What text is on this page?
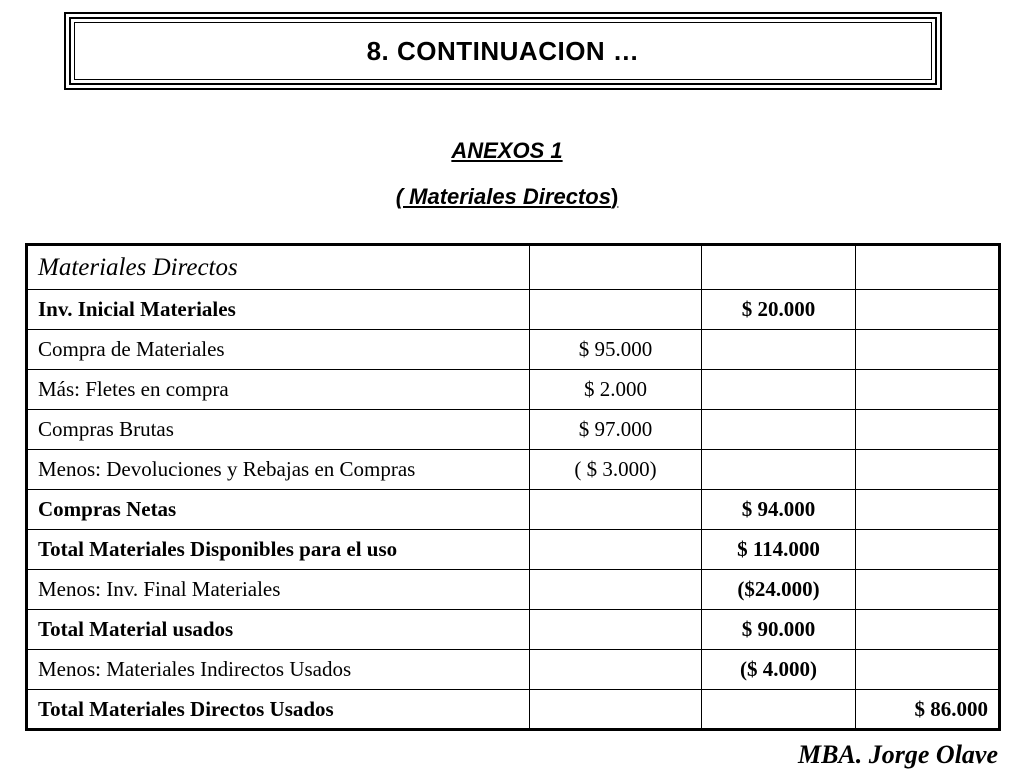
8. CONTINUACION …
ANEXOS 1
( Materiales Directos)
Materiales Directos			
Inv. Inicial Materiales		$ 20.000	
Compra de Materiales	$ 95.000		
Más: Fletes en compra	$ 2.000		
Compras Brutas	$ 97.000		
Menos: Devoluciones y Rebajas en Compras	( $ 3.000)		
Compras Netas		$ 94.000	
Total Materiales Disponibles para el uso		$ 114.000	
Menos: Inv. Final Materiales		($24.000)	
Total Material usados		$ 90.000	
Menos: Materiales Indirectos Usados		($ 4.000)	
Total Materiales Directos Usados			$ 86.000
MBA. Jorge Olave
